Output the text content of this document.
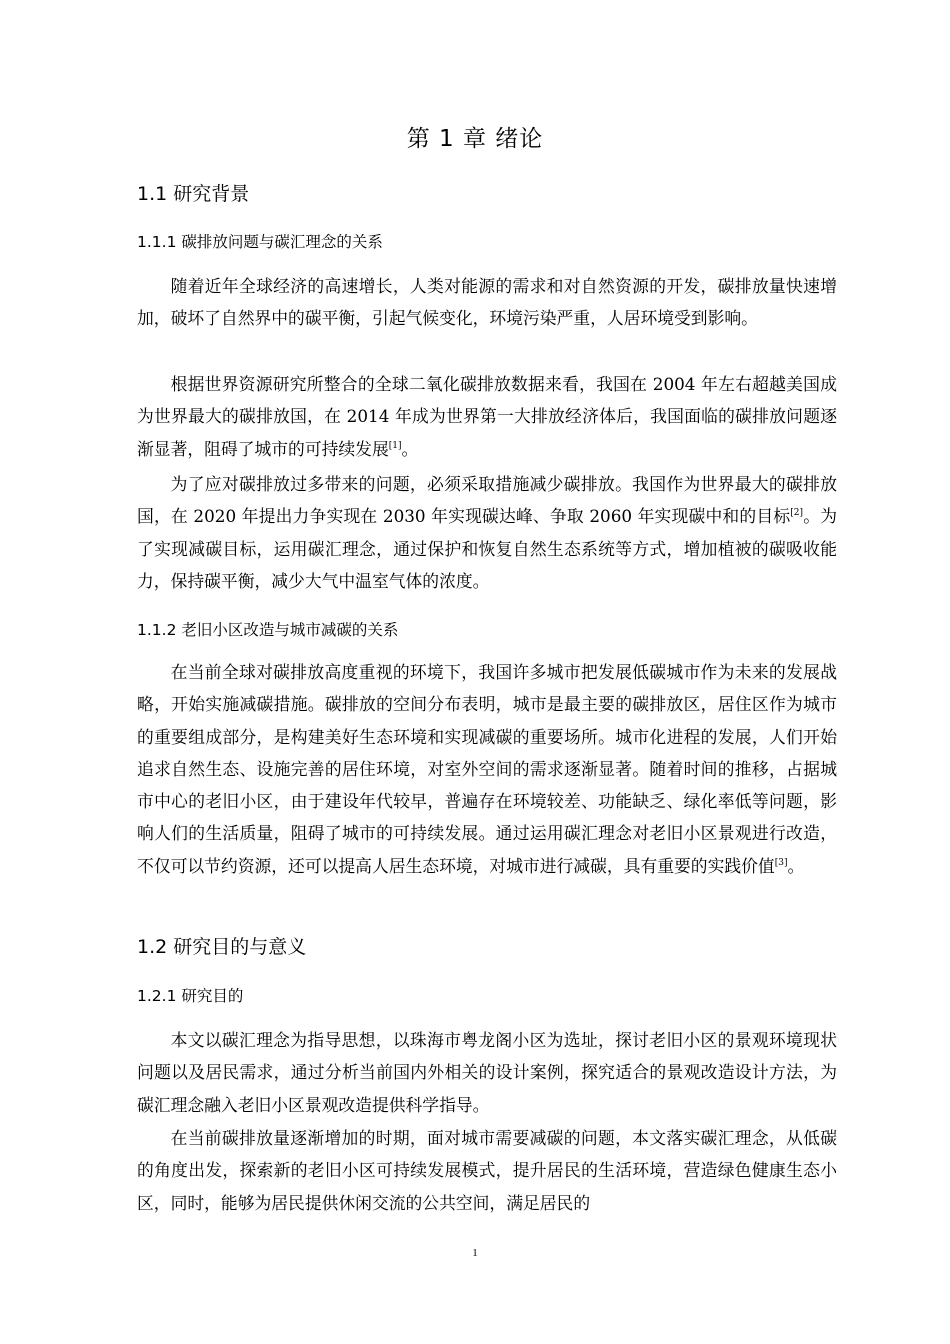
第 1 章 绪论
1.1 研究背景
1.1.1 碳排放问题与碳汇理念的关系
随着近年全球经济的高速增长，人类对能源的需求和对自然资源的开发，碳排放量快速增加，破坏了自然界中的碳平衡，引起气候变化，环境污染严重，人居环境受到影响。
根据世界资源研究所整合的全球二氧化碳排放数据来看，我国在 2004 年左右超越美国成为世界最大的碳排放国，在 2014 年成为世界第一大排放经济体后，我国面临的碳排放问题逐渐显著，阻碍了城市的可持续发展[1]。
为了应对碳排放过多带来的问题，必须采取措施减少碳排放。我国作为世界最大的碳排放国，在 2020 年提出力争实现在 2030 年实现碳达峰、争取 2060 年实现碳中和的目标[2]。为了实现减碳目标，运用碳汇理念，通过保护和恢复自然生态系统等方式，增加植被的碳吸收能力，保持碳平衡，减少大气中温室气体的浓度。
1.1.2 老旧小区改造与城市减碳的关系
在当前全球对碳排放高度重视的环境下，我国许多城市把发展低碳城市作为未来的发展战略，开始实施减碳措施。碳排放的空间分布表明，城市是最主要的碳排放区，居住区作为城市的重要组成部分，是构建美好生态环境和实现减碳的重要场所。城市化进程的发展，人们开始追求自然生态、设施完善的居住环境，对室外空间的需求逐渐显著。随着时间的推移，占据城市中心的老旧小区，由于建设年代较早，普遍存在环境较差、功能缺乏、绿化率低等问题，影响人们的生活质量，阻碍了城市的可持续发展。通过运用碳汇理念对老旧小区景观进行改造，不仅可以节约资源，还可以提高人居生态环境，对城市进行减碳，具有重要的实践价值[3]。
1.2 研究目的与意义
1.2.1 研究目的
本文以碳汇理念为指导思想，以珠海市粤龙阁小区为选址，探讨老旧小区的景观环境现状问题以及居民需求，通过分析当前国内外相关的设计案例，探究适合的景观改造设计方法，为碳汇理念融入老旧小区景观改造提供科学指导。
在当前碳排放量逐渐增加的时期，面对城市需要减碳的问题，本文落实碳汇理念，从低碳的角度出发，探索新的老旧小区可持续发展模式，提升居民的生活环境，营造绿色健康生态小区，同时，能够为居民提供休闲交流的公共空间，满足居民的
1
